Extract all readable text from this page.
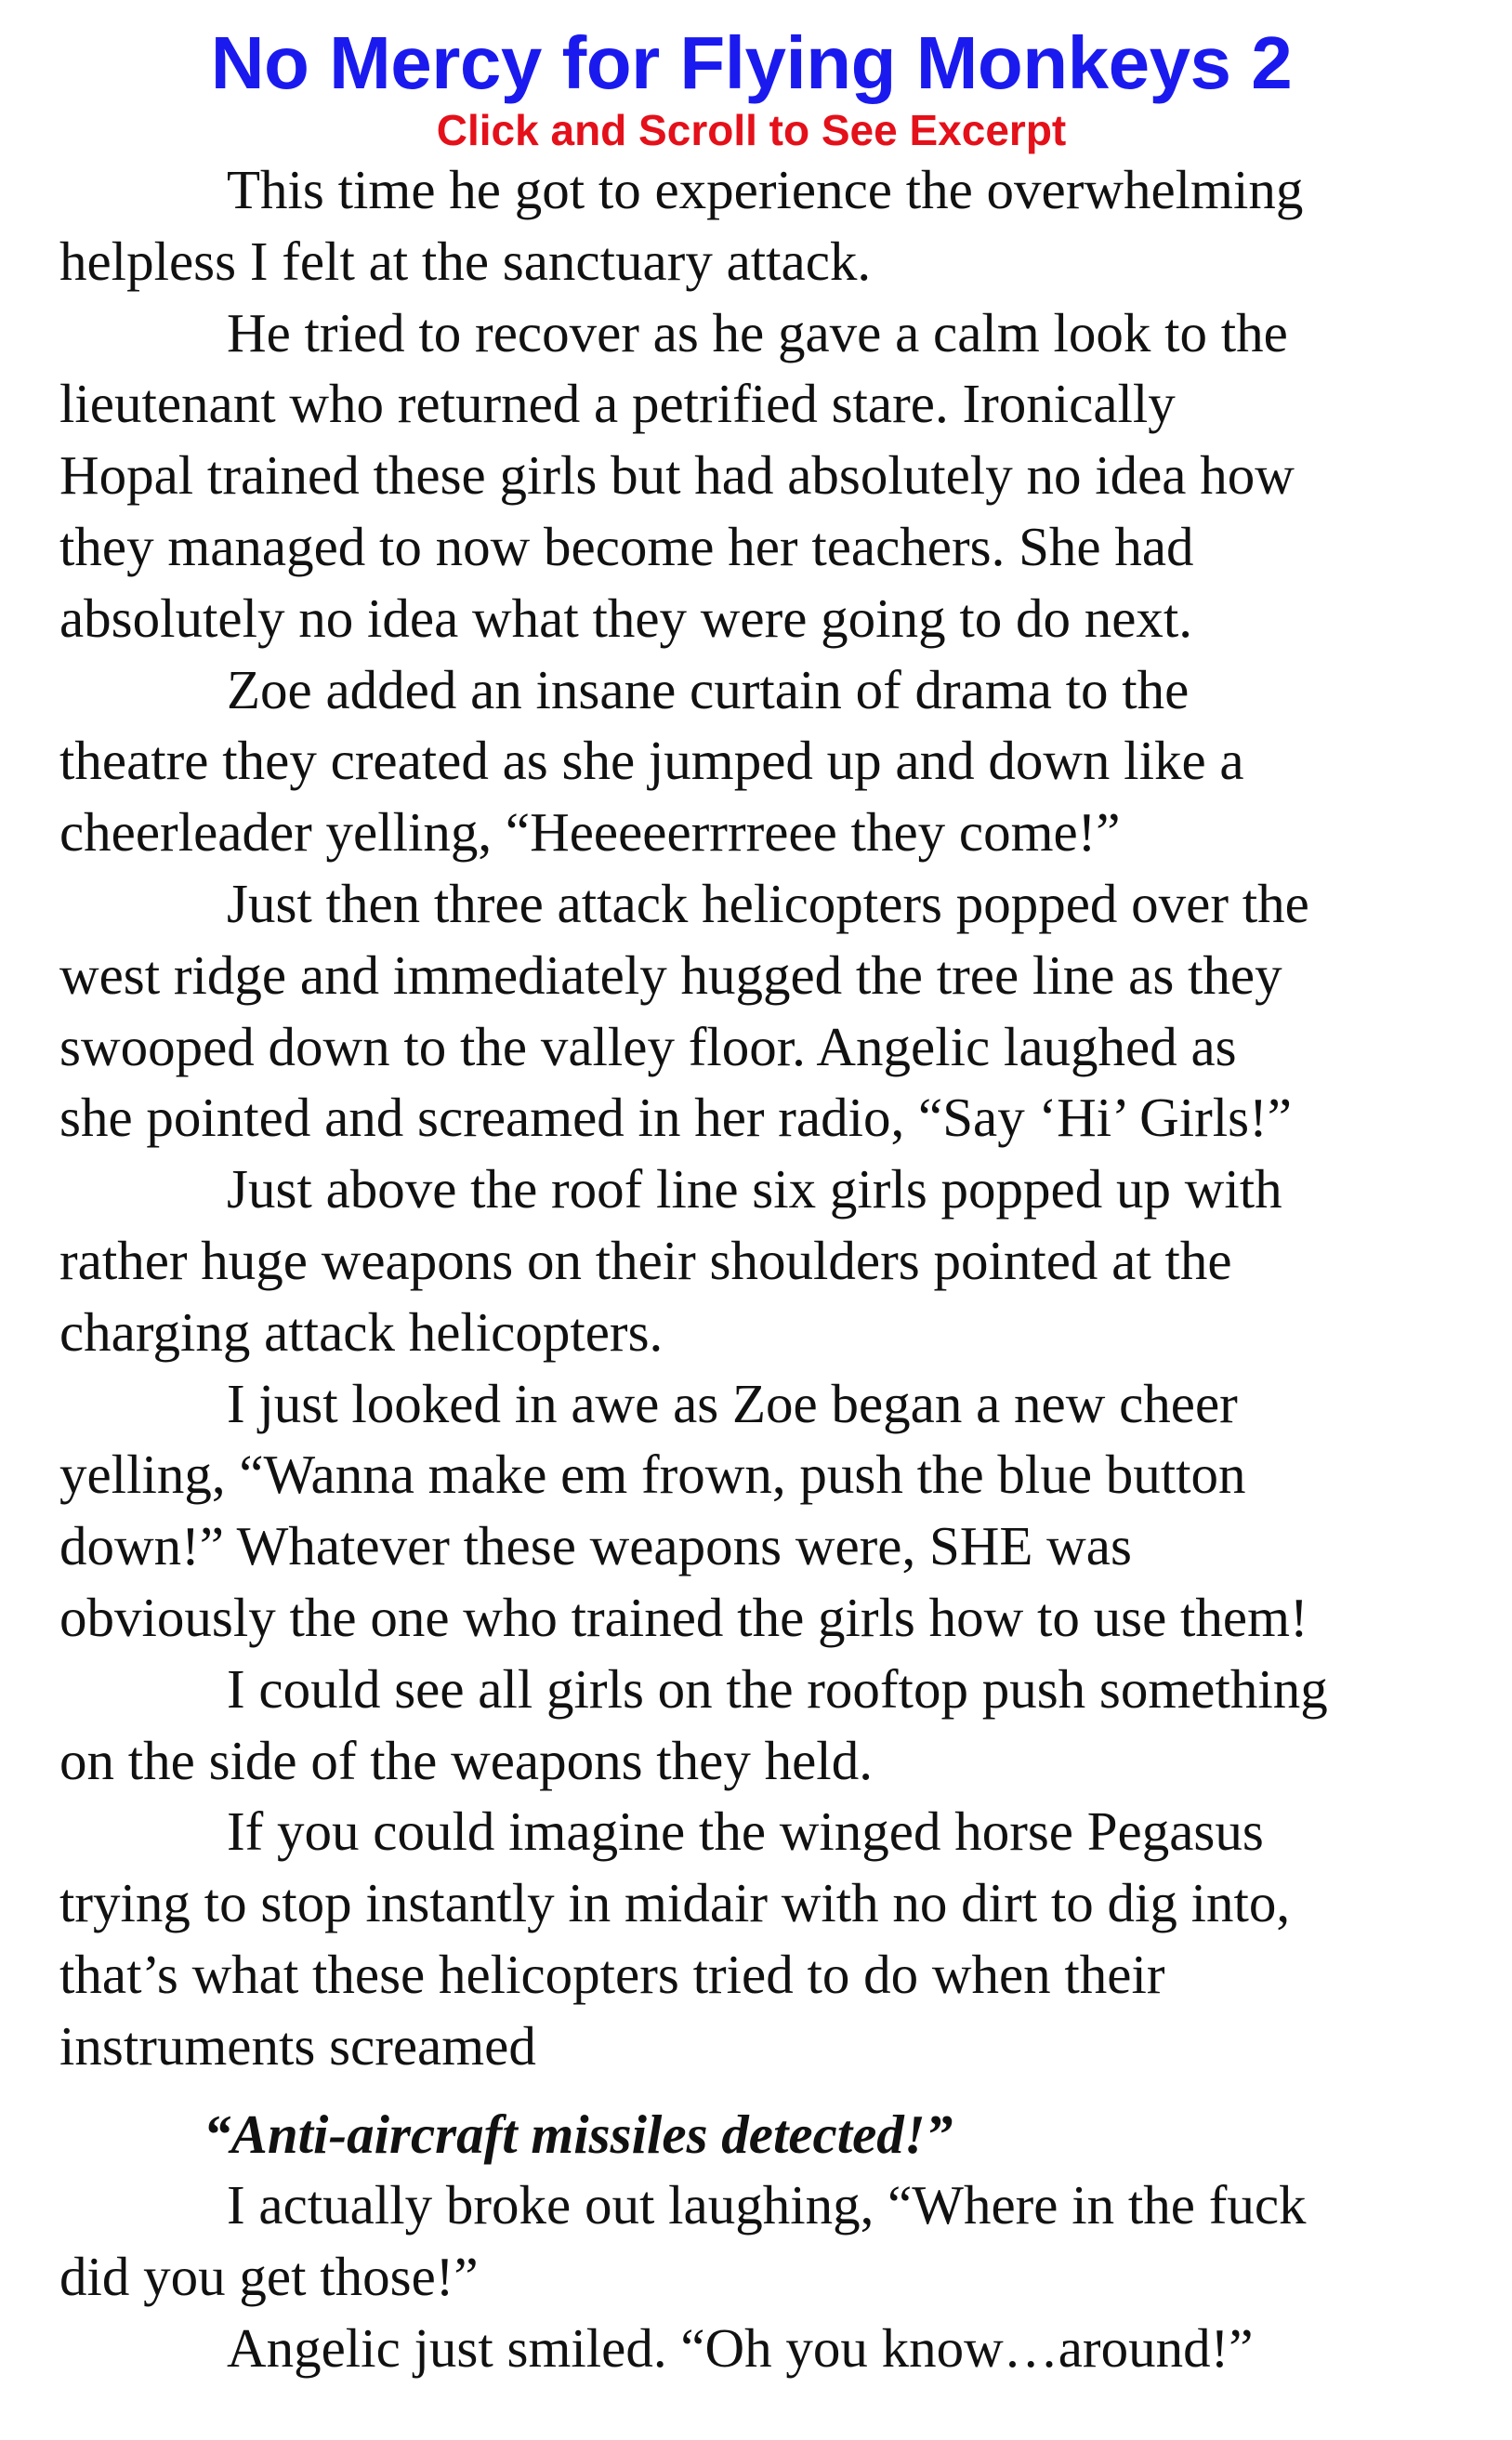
No Mercy for Flying Monkeys 2
Click and Scroll to See Excerpt

This time he got to experience the overwhelming
helpless I felt at the sanctuary attack.

He tried to recover as he gave a calm look to the
lieutenant who returned a petrified stare. Ironically
Hopal trained these girls but had absolutely no idea how
they managed to now become her teachers. She had
absolutely no idea what they were going to do next.

Zoe added an insane curtain of drama to the
theatre they created as she jumped up and down like a
cheerleader yelling, “Heeeeerrrreee they come!”

Just then three attack helicopters popped over the
west ridge and immediately hugged the tree line as they
swooped down to the valley floor. Angelic laughed as
she pointed and screamed in her radio, “Say ‘Hi’ Girls!”

Just above the roof line six girls popped up with
rather huge weapons on their shoulders pointed at the
charging attack helicopters.

I just looked in awe as Zoe began a new cheer
yelling, “Wanna make em frown, push the blue button
down!” Whatever these weapons were, SHE was
obviously the one who trained the girls how to use them!

I could see all girls on the rooftop push something
on the side of the weapons they held.

If you could imagine the winged horse Pegasus
trying to stop instantly in midair with no dirt to dig into,
that’s what these helicopters tried to do when their
instruments screamed

“Anti-aircraft missiles detected!”

I actually broke out laughing, “Where in the fuck
did you get those!”

Angelic just smiled. “Oh you know…around!”
